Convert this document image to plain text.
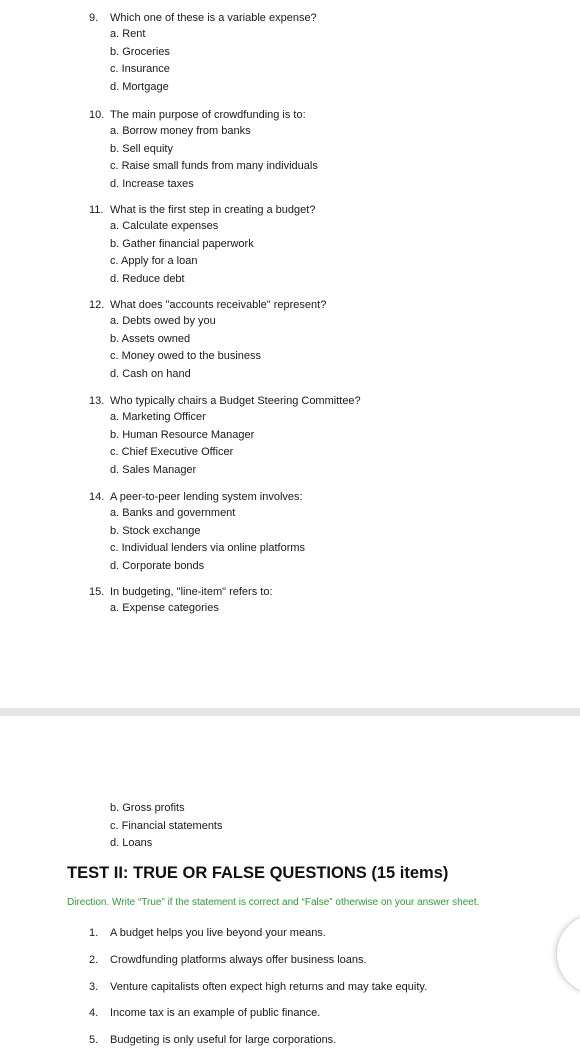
9. Which one of these is a variable expense?
a. Rent
b. Groceries
c. Insurance
d. Mortgage
10. The main purpose of crowdfunding is to:
a. Borrow money from banks
b. Sell equity
c. Raise small funds from many individuals
d. Increase taxes
11. What is the first step in creating a budget?
a. Calculate expenses
b. Gather financial paperwork
c. Apply for a loan
d. Reduce debt
12. What does "accounts receivable" represent?
a. Debts owed by you
b. Assets owned
c. Money owed to the business
d. Cash on hand
13. Who typically chairs a Budget Steering Committee?
a. Marketing Officer
b. Human Resource Manager
c. Chief Executive Officer
d. Sales Manager
14. A peer-to-peer lending system involves:
a. Banks and government
b. Stock exchange
c. Individual lenders via online platforms
d. Corporate bonds
15. In budgeting, "line-item" refers to:
a. Expense categories
b. Gross profits
c. Financial statements
d. Loans
TEST II: TRUE OR FALSE QUESTIONS (15 items)
Direction. Write “True” if the statement is correct and “False” otherwise on your answer sheet.
1. A budget helps you live beyond your means.
2. Crowdfunding platforms always offer business loans.
3. Venture capitalists often expect high returns and may take equity.
4. Income tax is an example of public finance.
5. Budgeting is only useful for large corporations.
